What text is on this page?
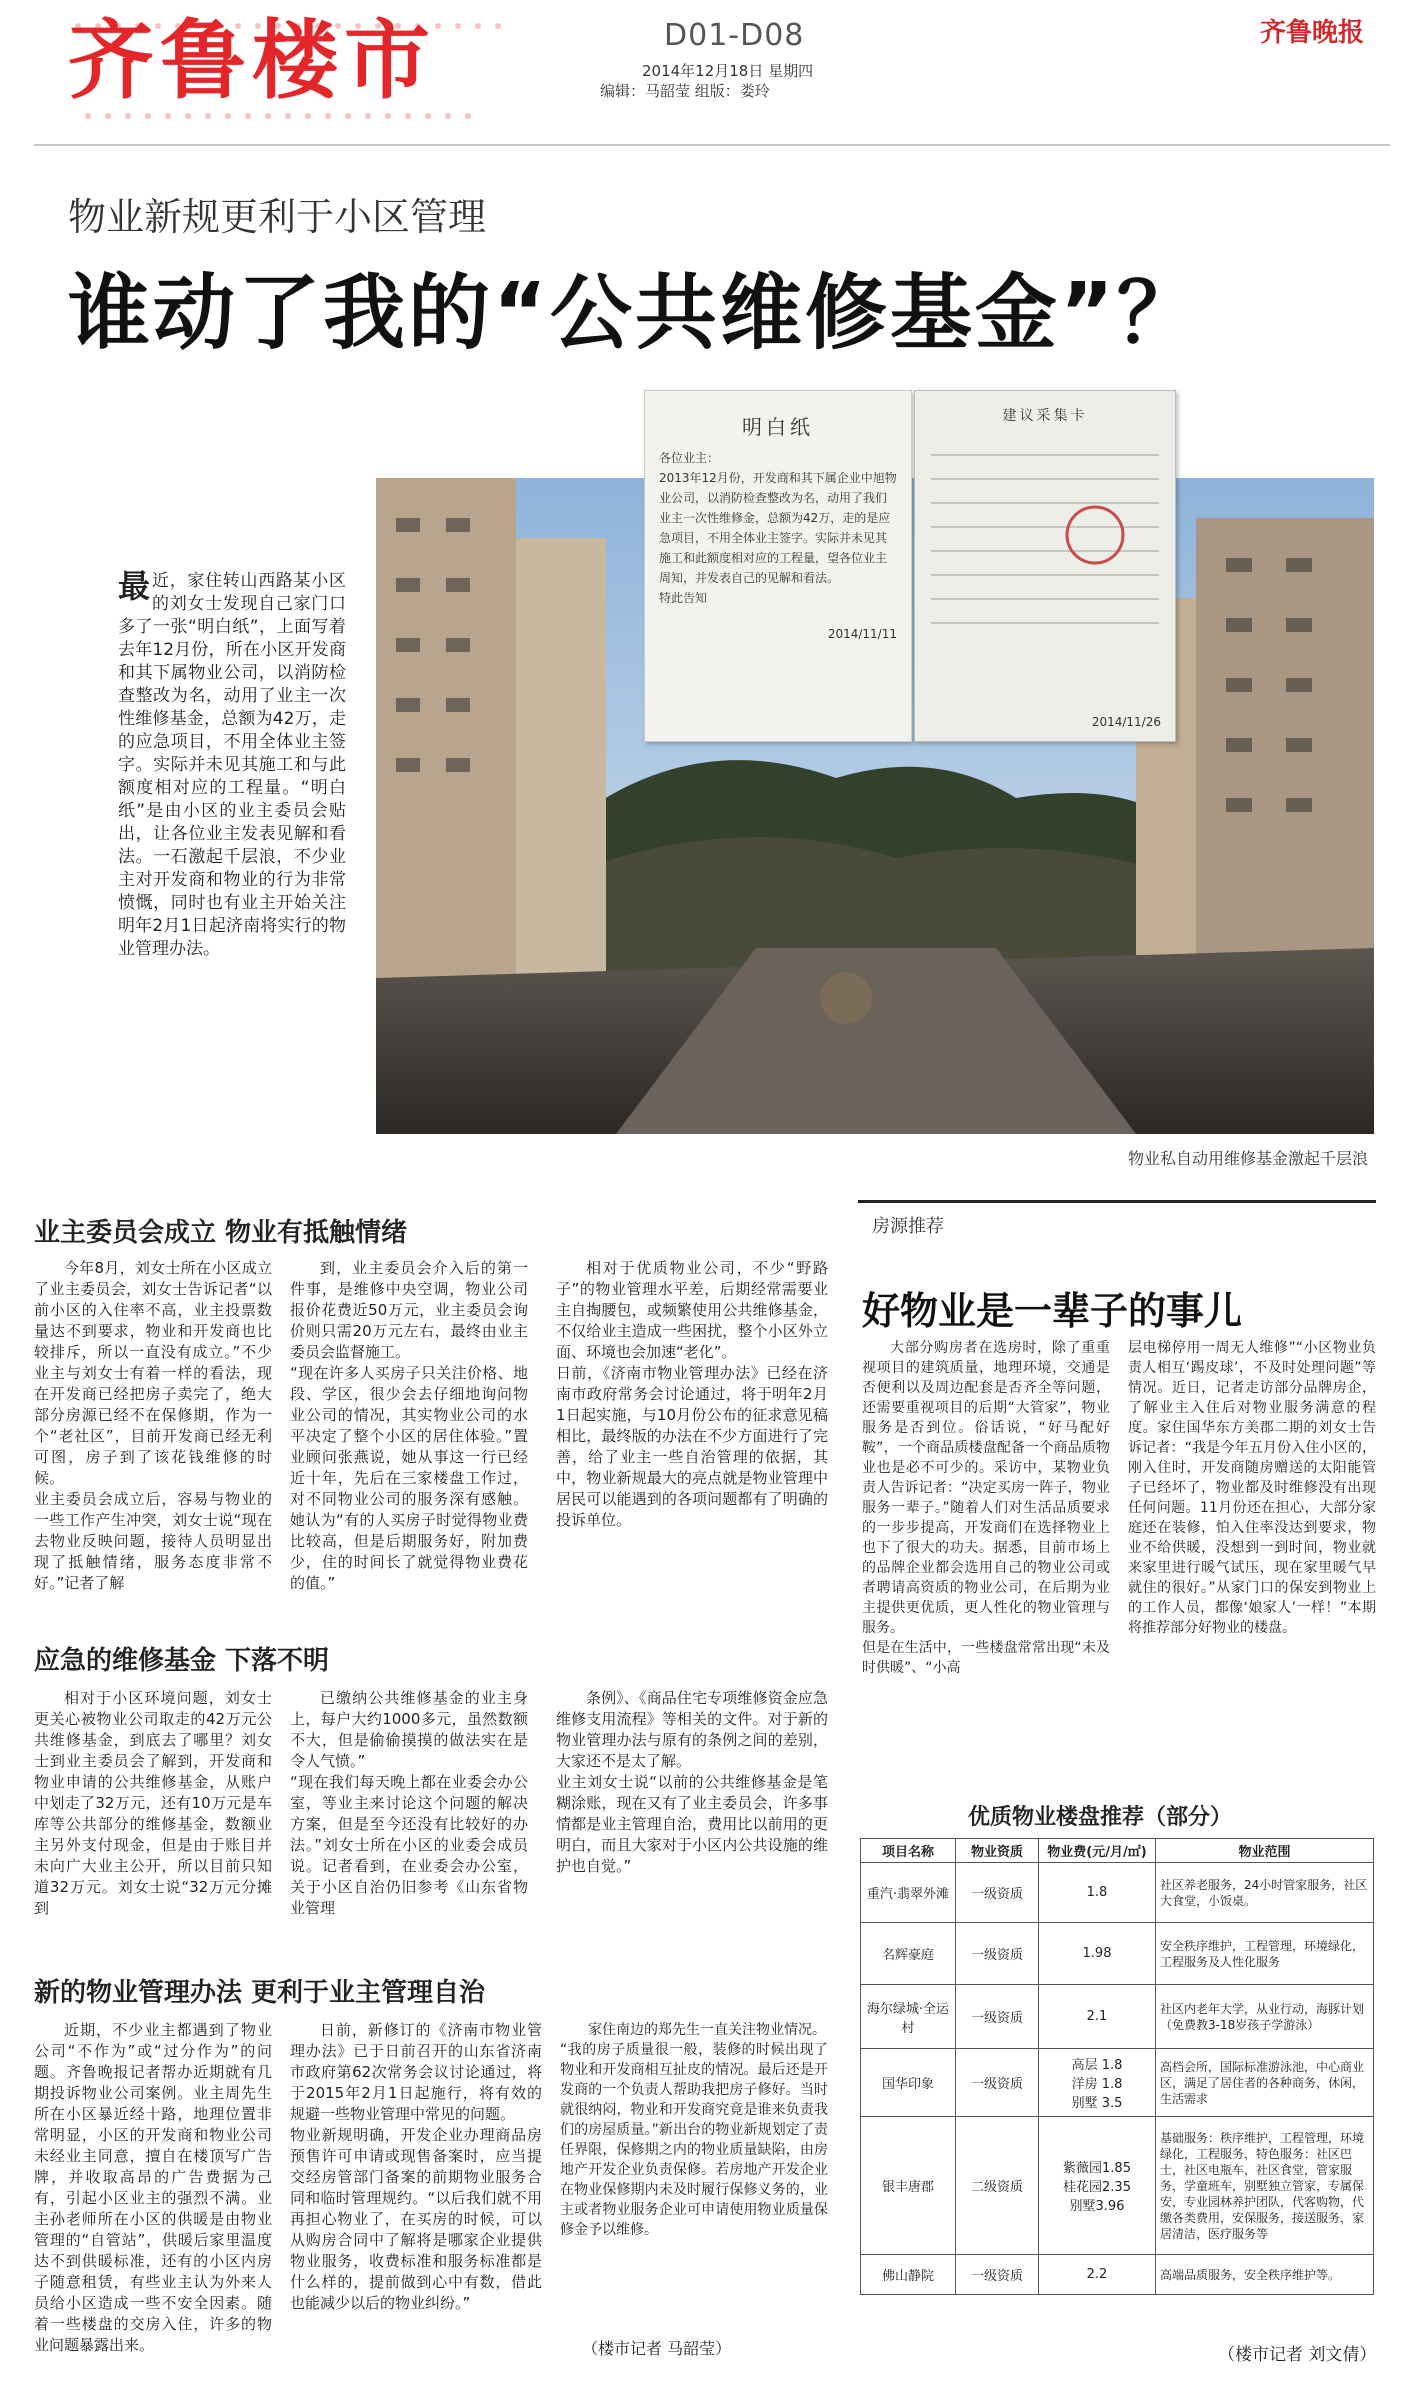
齐鲁楼市	D01-D08
2014年12月18日 星期四
编辑：马韶莹 组版：娄玲
齐鲁晚报
物业新规更利于小区管理
谁动了我的“公共维修基金”？
明白纸

各位业主：
2013年12月份，开发商和其下属企业中旭物业公司，以消防检查整改为名，动用了我们业主一次性维修金，总额为42万，走的是应急项目，不用全体业主签字。实际并未见其施工和此额度相对应的工程量，望各位业主周知，并发表自己的见解和看法。
特此告知

2014/11/11

建议采集卡
2014/11/26
物业私自动用维修基金激起千层浪
最近，家住转山西路某小区的刘女士发现自己家门口多了一张“明白纸”，上面写着去年12月份，所在小区开发商和其下属物业公司，以消防检查整改为名，动用了业主一次性维修基金，总额为42万，走的应急项目，不用全体业主签字。实际并未见其施工和与此额度相对应的工程量。“明白纸”是由小区的业主委员会贴出，让各位业主发表见解和看法。一石激起千层浪，不少业主对开发商和物业的行为非常愤慨，同时也有业主开始关注明年2月1日起济南将实行的物业管理办法。
业主委员会成立 物业有抵触情绪
今年8月，刘女士所在小区成立了业主委员会，刘女士告诉记者“以前小区的入住率不高，业主投票数量达不到要求，物业和开发商也比较排斥，所以一直没有成立。”不少业主与刘女士有着一样的看法，现在开发商已经把房子卖完了，绝大部分房源已经不在保修期，作为一个“老社区”，目前开发商已经无利可图，房子到了该花钱维修的时候。
业主委员会成立后，容易与物业的一些工作产生冲突，刘女士说“现在去物业反映问题，接待人员明显出现了抵触情绪，服务态度非常不好。”记者了解
到，业主委员会介入后的第一件事，是维修中央空调，物业公司报价花费近50万元，业主委员会询价则只需20万元左右，最终由业主委员会监督施工。
“现在许多人买房子只关注价格、地段、学区，很少会去仔细地询问物业公司的情况，其实物业公司的水平决定了整个小区的居住体验。”置业顾问张燕说，她从事这一行已经近十年，先后在三家楼盘工作过，对不同物业公司的服务深有感触。她认为“有的人买房子时觉得物业费比较高，但是后期服务好，附加费少，住的时间长了就觉得物业费花的值。”
相对于优质物业公司，不少“野路子”的物业管理水平差，后期经常需要业主自掏腰包，或频繁使用公共维修基金，不仅给业主造成一些困扰，整个小区外立面、环境也会加速“老化”。
日前，《济南市物业管理办法》已经在济南市政府常务会讨论通过，将于明年2月1日起实施，与10月份公布的征求意见稿相比，最终版的办法在不少方面进行了完善，给了业主一些自治管理的依据，其中，物业新规最大的亮点就是物业管理中居民可以能遇到的各项问题都有了明确的投诉单位。
应急的维修基金 下落不明
相对于小区环境问题，刘女士更关心被物业公司取走的42万元公共维修基金，到底去了哪里？刘女士到业主委员会了解到，开发商和物业申请的公共维修基金，从账户中划走了32万元，还有10万元是车库等公共部分的维修基金，数额业主另外支付现金，但是由于账目并未向广大业主公开，所以目前只知道32万元。刘女士说“32万元分摊到
已缴纳公共维修基金的业主身上，每户大约1000多元，虽然数额不大，但是偷偷摸摸的做法实在是令人气愤。”
“现在我们每天晚上都在业委会办公室，等业主来讨论这个问题的解决方案，但是至今还没有比较好的办法。”刘女士所在小区的业委会成员说。记者看到，在业委会办公室，关于小区自治仍旧参考《山东省物业管理
条例》、《商品住宅专项维修资金应急维修支用流程》等相关的文件。对于新的物业管理办法与原有的条例之间的差别，大家还不是太了解。
业主刘女士说“以前的公共维修基金是笔糊涂账，现在又有了业主委员会，许多事情都是业主管理自治，费用比以前用的更明白，而且大家对于小区内公共设施的维护也自觉。”
新的物业管理办法 更利于业主管理自治
近期，不少业主都遇到了物业公司“不作为”或“过分作为”的问题。齐鲁晚报记者帮办近期就有几期投诉物业公司案例。业主周先生所在小区暴近经十路，地理位置非常明显，小区的开发商和物业公司未经业主同意，擅自在楼顶写广告牌，并收取高昂的广告费据为己有，引起小区业主的强烈不满。业主孙老师所在小区的供暖是由物业管理的“自管站”，供暖后家里温度达不到供暖标准，还有的小区内房子随意租赁，有些业主认为外来人员给小区造成一些不安全因素。随着一些楼盘的交房入住，许多的物业问题暴露出来。
日前，新修订的《济南市物业管理办法》已于日前召开的山东省济南市政府第62次常务会议讨论通过，将于2015年2月1日起施行，将有效的规避一些物业管理中常见的问题。
物业新规明确，开发企业办理商品房预售许可申请或现售备案时，应当提交经房管部门备案的前期物业服务合同和临时管理规约。“以后我们就不用再担心物业了，在买房的时候，可以从购房合同中了解将是哪家企业提供物业服务，收费标准和服务标准都是什么样的，提前做到心中有数，借此也能减少以后的物业纠纷。”
家住南边的郑先生一直关注物业情况。
“我的房子质量很一般，装修的时候出现了物业和开发商相互扯皮的情况。最后还是开发商的一个负责人帮助我把房子修好。当时就很纳闷，物业和开发商究竟是谁来负责我们的房屋质量。”新出台的物业新规划定了责任界限，保修期之内的物业质量缺陷，由房地产开发企业负责保修。若房地产开发企业在物业保修期内未及时履行保修义务的，业主或者物业服务企业可申请使用物业质量保修金予以维修。
（楼市记者 马韶莹）
房源推荐
好物业是一辈子的事儿
大部分购房者在选房时，除了重重视项目的建筑质量，地理环境，交通是否便利以及周边配套是否齐全等问题，还需要重视项目的后期“大管家”，物业服务是否到位。俗话说，“好马配好鞍”，一个商品质楼盘配备一个商品质物业也是必不可少的。采访中，某物业负责人告诉记者：“决定买房一阵子，物业服务一辈子。”随着人们对生活品质要求的一步步提高，开发商们在选择物业上也下了很大的功夫。据悉，目前市场上的品牌企业都会选用自己的物业公司或者聘请高资质的物业公司，在后期为业主提供更优质，更人性化的物业管理与服务。
但是在生活中，一些楼盘常常出现“未及时供暖”、“小高
层电梯停用一周无人维修”“小区物业负责人相互‘踢皮球’，不及时处理问题”等情况。近日，记者走访部分品牌房企，了解业主入住后对物业服务满意的程度。家住国华东方美郡二期的刘女士告诉记者：“我是今年五月份入住小区的，刚入住时，开发商随房赠送的太阳能管子已经坏了，物业都及时维修没有出现任何问题。11月份还在担心，大部分家庭还在装修，怕入住率没达到要求，物业不给供暖，没想到一到时间，物业就来家里进行暖气试压，现在家里暖气早就住的很好。”从家门口的保安到物业上的工作人员，都像‘娘家人’一样！”本期将推荐部分好物业的楼盘。
优质物业楼盘推荐（部分）
项目名称	物业资质	物业费(元/月/㎡)	物业范围
重汽·翡翠外滩	一级资质	1.8	社区养老服务，24小时管家服务，社区大食堂，小饭桌。
名辉豪庭	一级资质	1.98	安全秩序维护，工程管理，环境绿化，工程服务及人性化服务
海尔绿城·全运村	一级资质	2.1	社区内老年大学，从业行动，海豚计划（免费教3-18岁孩子学游泳）
国华印象	一级资质	高层 1.8
洋房 1.8
别墅 3.5	高档会所，国际标准游泳池，中心商业区，满足了居住者的各种商务，休闲，生活需求
银丰唐郡	二级资质	紫薇园1.85
桂花园2.35
别墅3.96	基础服务：秩序维护，工程管理，环境绿化，工程服务，特色服务：社区巴士，社区电瓶车，社区食堂，管家服务，学童班车，别墅独立管家，专属保安，专业园林养护团队，代客购物，代缴各类费用，安保服务，接送服务，家居清洁，医疗服务等
佛山静院	一级资质	2.2	高端品质服务，安全秩序维护等。
（楼市记者 刘文倩）
